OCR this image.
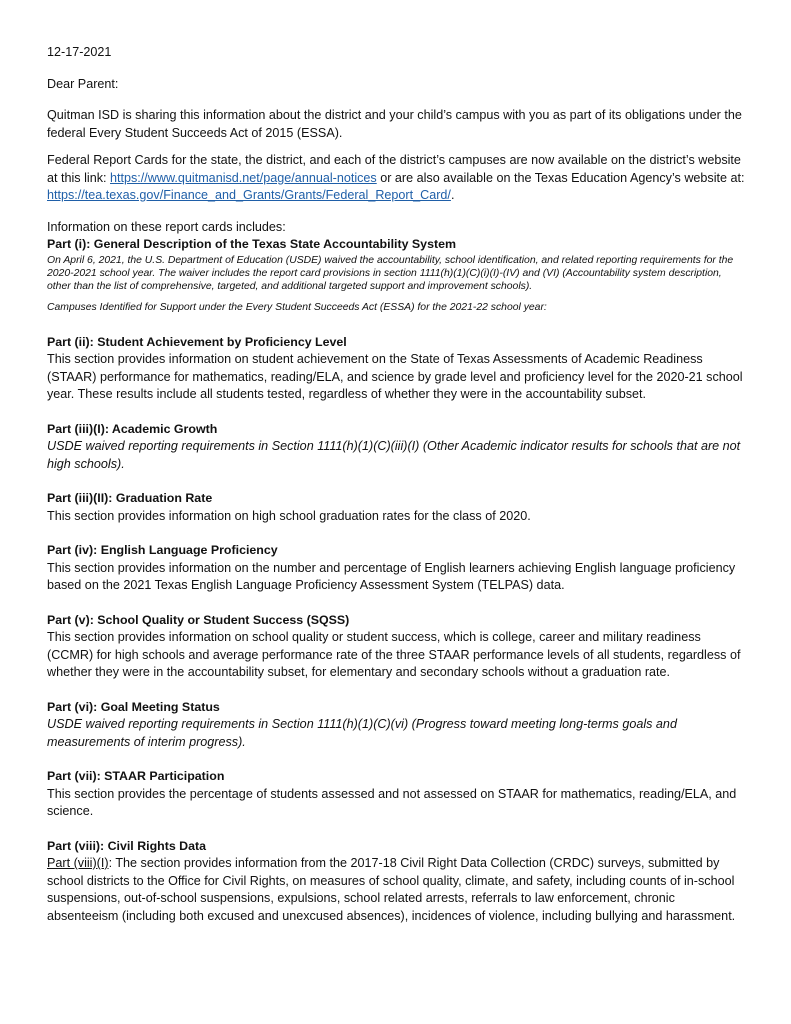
12-17-2021

Dear Parent:

Quitman ISD is sharing this information about the district and your child’s campus with you as part of its obligations under the federal Every Student Succeeds Act of 2015 (ESSA).

Federal Report Cards for the state, the district, and each of the district’s campuses are now available on the district’s website at this link: https://www.quitmanisd.net/page/annual-notices or are also available on the Texas Education Agency’s website at: https://tea.texas.gov/Finance_and_Grants/Grants/Federal_Report_Card/.

Information on these report cards includes:

Part (i): General Description of the Texas State Accountability System

On April 6, 2021, the U.S. Department of Education (USDE) waived the accountability, school identification, and related reporting requirements for the 2020-2021 school year. The waiver includes the report card provisions in section 1111(h)(1)(C)(i)(I)-(IV) and (VI) (Accountability system description, other than the list of comprehensive, targeted, and additional targeted support and improvement schools).

Campuses Identified for Support under the Every Student Succeeds Act (ESSA) for the 2021-22 school year:

Part (ii): Student Achievement by Proficiency Level

This section provides information on student achievement on the State of Texas Assessments of Academic Readiness (STAAR) performance for mathematics, reading/ELA, and science by grade level and proficiency level for the 2020-21 school year. These results include all students tested, regardless of whether they were in the accountability subset.

Part (iii)(I): Academic Growth

USDE waived reporting requirements in Section 1111(h)(1)(C)(iii)(I) (Other Academic indicator results for schools that are not high schools).

Part (iii)(II): Graduation Rate

This section provides information on high school graduation rates for the class of 2020.

Part (iv): English Language Proficiency

This section provides information on the number and percentage of English learners achieving English language proficiency based on the 2021 Texas English Language Proficiency Assessment System (TELPAS) data.

Part (v): School Quality or Student Success (SQSS)

This section provides information on school quality or student success, which is college, career and military readiness (CCMR) for high schools and average performance rate of the three STAAR performance levels of all students, regardless of whether they were in the accountability subset, for elementary and secondary schools without a graduation rate.

Part (vi): Goal Meeting Status

USDE waived reporting requirements in Section 1111(h)(1)(C)(vi) (Progress toward meeting long-terms goals and measurements of interim progress).

Part (vii): STAAR Participation

This section provides the percentage of students assessed and not assessed on STAAR for mathematics, reading/ELA, and science.

Part (viii): Civil Rights Data

Part (viii)(I): The section provides information from the 2017-18 Civil Right Data Collection (CRDC) surveys, submitted by school districts to the Office for Civil Rights, on measures of school quality, climate, and safety, including counts of in-school suspensions, out-of-school suspensions, expulsions, school related arrests, referrals to law enforcement, chronic absenteeism (including both excused and unexcused absences), incidences of violence, including bullying and harassment.
